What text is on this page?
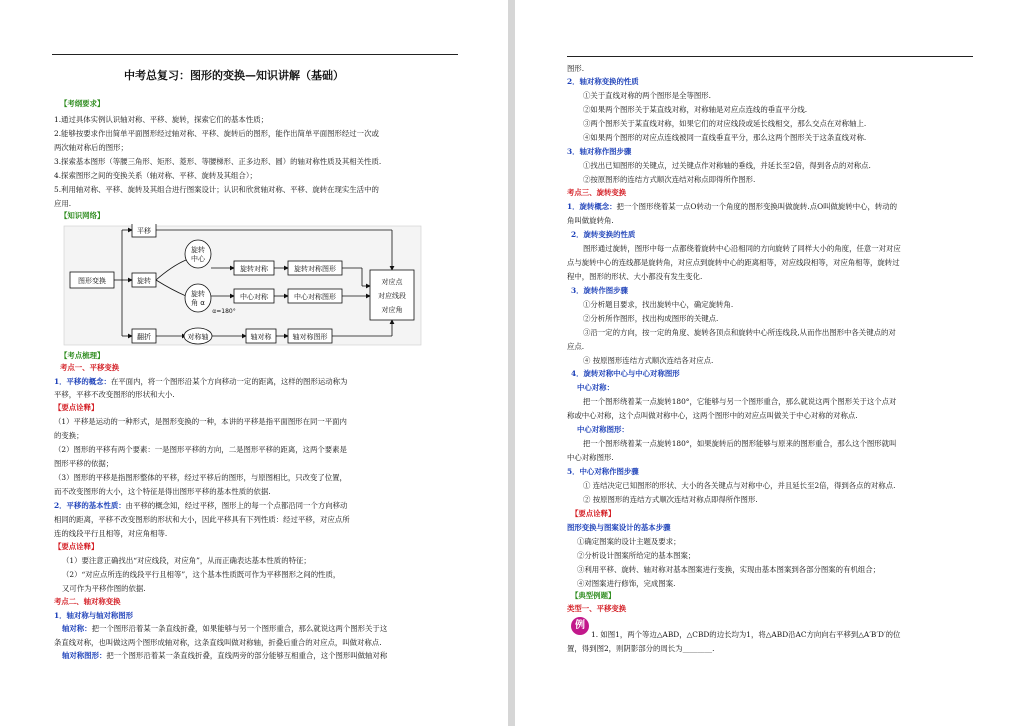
中考总复习：图形的变换—知识讲解（基础）
【考纲要求】
1.通过具体实例认识轴对称、平移、旋转，探索它们的基本性质；
2.能够按要求作出简单平面图形经过轴对称、平移、旋转后的图形，能作出简单平面图形经过一次或
两次轴对称后的图形；
3.探索基本图形（等腰三角形、矩形、菱形、等腰梯形、正多边形、圆）的轴对称性质及其相关性质.
4.探索图形之间的变换关系（轴对称、平移、旋转及其组合）；
5.利用轴对称、平移、旋转及其组合进行图案设计；认识和欣赏轴对称、平移、旋转在现实生活中的
应用.
【知识网络】
图形变换
平移
旋转
翻折
旋转
中心
旋转
角 α
α=180°
旋转对称	旋转对称图形
中心对称	中心对称图形
对称轴	轴对称	轴对称图形
对应点
对应线段
对应角
【考点梳理】
考点一、平移变换
1．平移的概念：在平面内，将一个图形沿某个方向移动一定的距离，这样的图形运动称为
平移，平移不改变图形的形状和大小.
【要点诠释】
（1）平移是运动的一种形式，是图形变换的一种，本讲的平移是指平面图形在同一平面内
的变换；
（2）图形的平移有两个要素：一是图形平移的方向，二是图形平移的距离，这两个要素是
图形平移的依据；
（3）图形的平移是指图形整体的平移，经过平移后的图形，与原图相比，只改变了位置，
而不改变图形的大小，这个特征是得出图形平移的基本性质的依据.
2．平移的基本性质：由平移的概念知，经过平移，图形上的每一个点都沿同一个方向移动
相同的距离，平移不改变图形的形状和大小，因此平移具有下列性质：经过平移，对应点所
连的线段平行且相等，对应角相等.
【要点诠释】
（1）要注意正确找出“对应线段，对应角”，从而正确表达基本性质的特征；
（2）“对应点所连的线段平行且相等”，这个基本性质既可作为平移图形之间的性质，
又可作为平移作图的依据.
考点二、轴对称变换
1．轴对称与轴对称图形
轴对称：把一个图形沿着某一条直线折叠，如果能够与另一个图形重合，那么就说这两个图形关于这
条直线对称，也叫做这两个图形成轴对称，这条直线叫做对称轴，折叠后重合的对应点，叫做对称点.
轴对称图形：把一个图形沿着某一条直线折叠，直线两旁的部分能够互相重合，这个图形叫做轴对称
图形.
2．轴对称变换的性质
①关于直线对称的两个图形是全等图形.
②如果两个图形关于某直线对称，对称轴是对应点连线的垂直平分线.
③两个图形关于某直线对称，如果它们的对应线段或延长线相交，那么交点在对称轴上.
④如果两个图形的对应点连线被同一直线垂直平分，那么这两个图形关于这条直线对称.
3．轴对称作图步骤
①找出已知图形的关键点，过关键点作对称轴的垂线，并延长至2倍，得到各点的对称点.
②按原图形的连结方式顺次连结对称点即得所作图形.
考点三、旋转变换
1．旋转概念：把一个图形绕着某一点O转动一个角度的图形变换叫做旋转.点O叫做旋转中心，转动的
角叫做旋转角.
2．旋转变换的性质
图形通过旋转，图形中每一点都绕着旋转中心沿相同的方向旋转了同样大小的角度，任意一对对应
点与旋转中心的连线都是旋转角，对应点到旋转中心的距离相等，对应线段相等，对应角相等，旋转过
程中，图形的形状、大小都没有发生变化.
3．旋转作图步骤
①分析题目要求，找出旋转中心，确定旋转角.
②分析所作图形，找出构成图形的关键点.
③沿一定的方向，按一定的角度、旋转各顶点和旋转中心所连线段,从而作出图形中各关键点的对
应点.
④ 按原图形连结方式顺次连结各对应点.
4．旋转对称中心与中心对称图形
中心对称：
把一个图形绕着某一点旋转180°，它能够与另一个图形重合，那么就说这两个图形关于这个点对
称或中心对称，这个点叫做对称中心，这两个图形中的对应点叫做关于中心对称的对称点.
中心对称图形：
把一个图形绕着某一点旋转180°，如果旋转后的图形能够与原来的图形重合，那么这个图形就叫
中心对称图形.
5．中心对称作图步骤
① 连结决定已知图形的形状、大小的各关键点与对称中心，并且延长至2倍，得到各点的对称点.
② 按原图形的连结方式顺次连结对称点即得所作图形.
【要点诠释】
图形变换与图案设计的基本步骤
①确定图案的设计主题及要求；
②分析设计图案所给定的基本图案；
③利用平移、旋转、轴对称对基本图案进行变换，实现由基本图案到各部分图案的有机组合；
④对图案进行修饰，完成图案.
【典型例题】
类型一、平移变换
例
1. 如图1，两个等边△ABD，△CBD的边长均为1，将△ABD沿AC方向向右平移到△A′B′D′的位
置，得到图2，则阴影部分的周长为________.
